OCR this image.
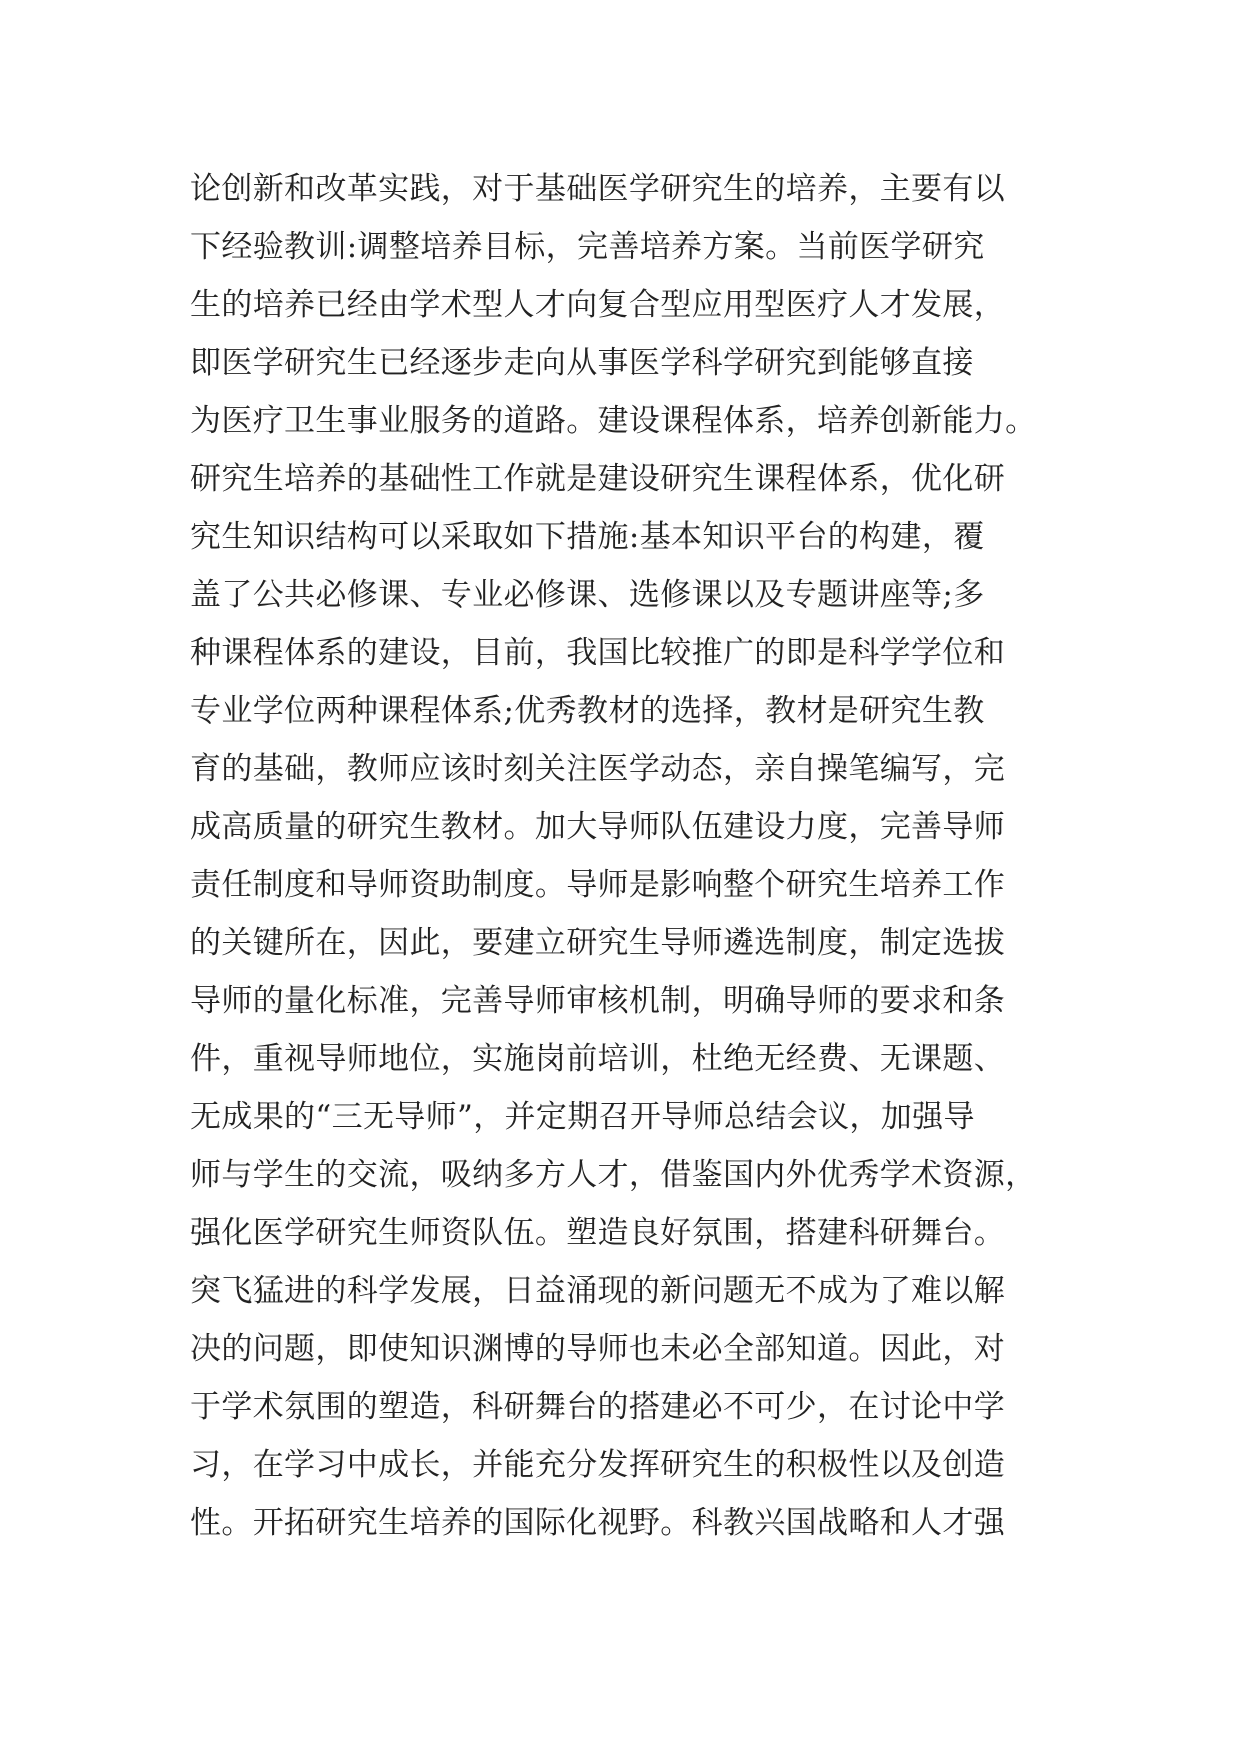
论创新和改革实践，对于基础医学研究生的培养，主要有以
下经验教训:调整培养目标，完善培养方案。当前医学研究
生的培养已经由学术型人才向复合型应用型医疗人才发展，
即医学研究生已经逐步走向从事医学科学研究到能够直接
为医疗卫生事业服务的道路。建设课程体系，培养创新能力。
研究生培养的基础性工作就是建设研究生课程体系，优化研
究生知识结构可以采取如下措施:基本知识平台的构建，覆
盖了公共必修课、专业必修课、选修课以及专题讲座等;多
种课程体系的建设，目前，我国比较推广的即是科学学位和
专业学位两种课程体系;优秀教材的选择，教材是研究生教
育的基础，教师应该时刻关注医学动态，亲自操笔编写，完
成高质量的研究生教材。加大导师队伍建设力度，完善导师
责任制度和导师资助制度。导师是影响整个研究生培养工作
的关键所在，因此，要建立研究生导师遴选制度，制定选拔
导师的量化标准，完善导师审核机制，明确导师的要求和条
件，重视导师地位，实施岗前培训，杜绝无经费、无课题、
无成果的“三无导师”，并定期召开导师总结会议，加强导
师与学生的交流，吸纳多方人才，借鉴国内外优秀学术资源，
强化医学研究生师资队伍。塑造良好氛围，搭建科研舞台。
突飞猛进的科学发展，日益涌现的新问题无不成为了难以解
决的问题，即使知识渊博的导师也未必全部知道。因此，对
于学术氛围的塑造，科研舞台的搭建必不可少，在讨论中学
习，在学习中成长，并能充分发挥研究生的积极性以及创造
性。开拓研究生培养的国际化视野。科教兴国战略和人才强
